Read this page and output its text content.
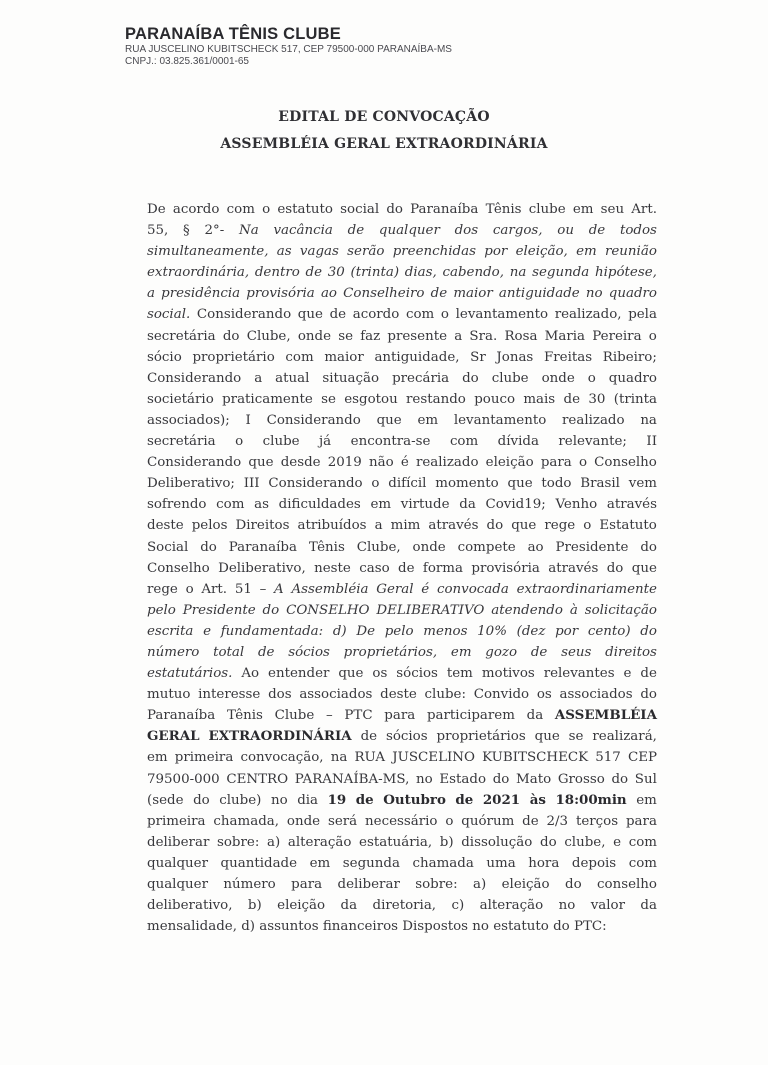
PARANAÍBA TÊNIS CLUBE
RUA JUSCELINO KUBITSCHECK 517, CEP 79500-000 PARANAÍBA-MS
CNPJ.: 03.825.361/0001-65
EDITAL DE CONVOCAÇÃO
ASSEMBLÉIA GERAL EXTRAORDINÁRIA
De acordo com o estatuto social do Paranaíba Tênis clube em seu Art.
55, § 2°- Na vacância de qualquer dos cargos, ou de todos
simultaneamente, as vagas serão preenchidas por eleição, em reunião
extraordinária, dentro de 30 (trinta) dias, cabendo, na segunda hipótese,
a presidência provisória ao Conselheiro de maior antiguidade no quadro
social. Considerando que de acordo com o levantamento realizado, pela
secretária do Clube, onde se faz presente a Sra. Rosa Maria Pereira o
sócio proprietário com maior antiguidade, Sr Jonas Freitas Ribeiro;
Considerando a atual situação precária do clube onde o quadro
societário praticamente se esgotou restando pouco mais de 30 (trinta
associados); I Considerando que em levantamento realizado na
secretária o clube já encontra-se com dívida relevante; II
Considerando que desde 2019 não é realizado eleição para o Conselho
Deliberativo; III Considerando o difícil momento que todo Brasil vem
sofrendo com as dificuldades em virtude da Covid19; Venho através
deste pelos Direitos atribuídos a mim através do que rege o Estatuto
Social do Paranaíba Tênis Clube, onde compete ao Presidente do
Conselho Deliberativo, neste caso de forma provisória através do que
rege o Art. 51 – A Assembléia Geral é convocada extraordinariamente
pelo Presidente do CONSELHO DELIBERATIVO atendendo à solicitação
escrita e fundamentada: d) De pelo menos 10% (dez por cento) do
número total de sócios proprietários, em gozo de seus direitos
estatutários. Ao entender que os sócios tem motivos relevantes e de
mutuo interesse dos associados deste clube: Convido os associados do
Paranaíba Tênis Clube – PTC para participarem da ASSEMBLÉIA
GERAL EXTRAORDINÁRIA de sócios proprietários que se realizará,
em primeira convocação, na RUA JUSCELINO KUBITSCHECK 517 CEP
79500-000 CENTRO PARANAÍBA-MS, no Estado do Mato Grosso do Sul
(sede do clube) no dia 19 de Outubro de 2021 às 18:00min em
primeira chamada, onde será necessário o quórum de 2/3 terços para
deliberar sobre: a) alteração estatuária, b) dissolução do clube, e com
qualquer quantidade em segunda chamada uma hora depois com
qualquer número para deliberar sobre: a) eleição do conselho
deliberativo, b) eleição da diretoria, c) alteração no valor da
mensalidade, d) assuntos financeiros Dispostos no estatuto do PTC:
